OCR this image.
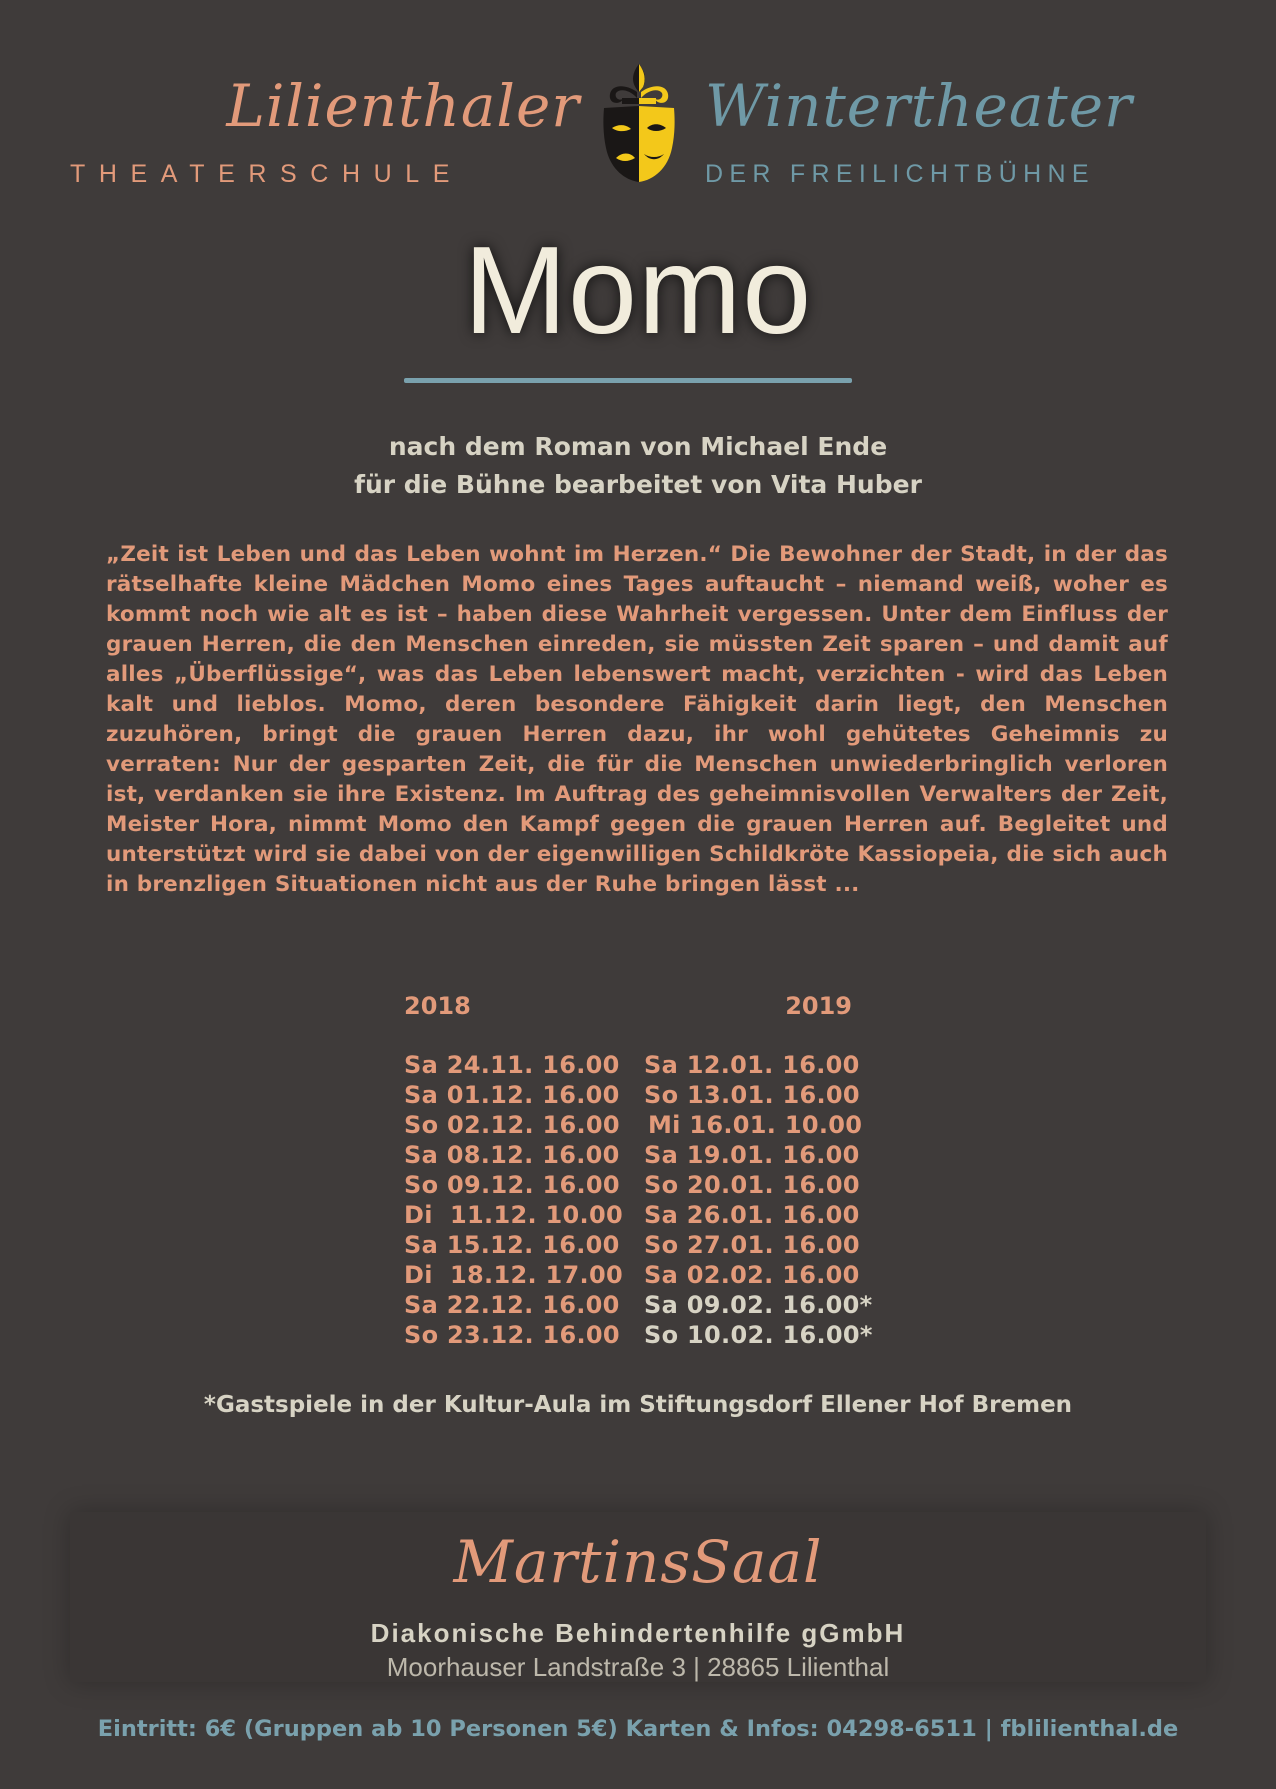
Lilienthaler
THEATERSCHULE
Wintertheater
DER FREILICHTBÜHNE
Momo
nach dem Roman von Michael Ende
für die Bühne bearbeitet von Vita Huber
„Zeit ist Leben und das Leben wohnt im Herzen.“ Die Bewohner der Stadt, in der das rätselhafte kleine Mädchen Momo eines Tages auftaucht – niemand weiß, woher es kommt noch wie alt es ist – haben diese Wahrheit vergessen. Unter dem Einfluss der grauen Herren, die den Menschen einreden, sie müssten Zeit sparen – und damit auf alles „Überflüssige“, was das Leben lebenswert macht, verzichten - wird das Leben kalt und lieblos. Momo, deren besondere Fähigkeit darin liegt, den Menschen zuzuhören, bringt die grauen Herren dazu, ihr wohl gehütetes Geheimnis zu verraten: Nur der gesparten Zeit, die für die Menschen unwiederbringlich verloren ist, verdanken sie ihre Existenz. Im Auftrag des geheimnisvollen Verwalters der Zeit, Meister Hora, nimmt Momo den Kampf gegen die grauen Herren auf. Begleitet und unterstützt wird sie dabei von der eigenwilligen Schildkröte Kassiopeia, die sich auch in brenzligen Situationen nicht aus der Ruhe bringen lässt ...
2018	2019
Sa 24.11. 16.00
Sa 01.12. 16.00
So 02.12. 16.00
Sa 08.12. 16.00
So 09.12. 16.00
Di  11.12. 10.00
Sa 15.12. 16.00
Di  18.12. 17.00
Sa 22.12. 16.00
So 23.12. 16.00
Sa 12.01. 16.00
So 13.01. 16.00
Mi 16.01. 10.00
Sa 19.01. 16.00
So 20.01. 16.00
Sa 26.01. 16.00
So 27.01. 16.00
Sa 02.02. 16.00
Sa 09.02. 16.00*
So 10.02. 16.00*
*Gastspiele in der Kultur-Aula im Stiftungsdorf Ellener Hof Bremen
MartinsSaal
Diakonische Behindertenhilfe gGmbH
Moorhauser Landstraße 3 | 28865 Lilienthal
Eintritt: 6€ (Gruppen ab 10 Personen 5€) Karten & Infos: 04298-6511 | fblilienthal.de
